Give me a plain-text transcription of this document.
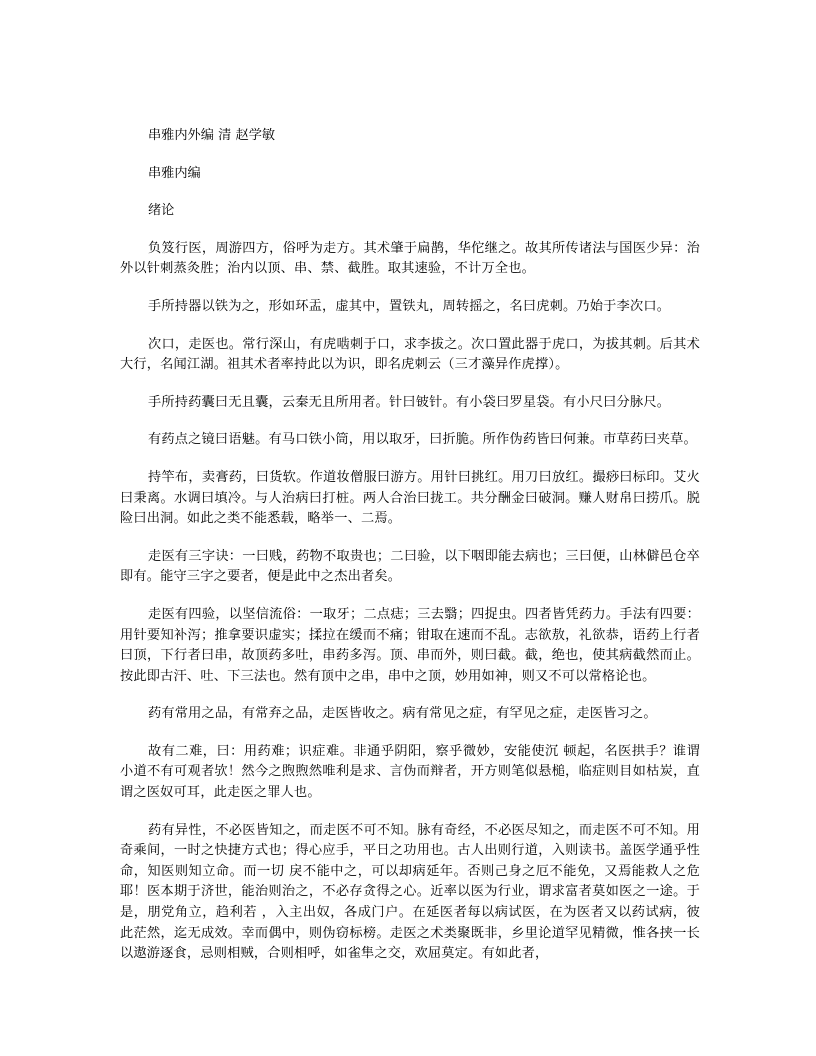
串雅内外编 清 赵学敏
串雅内编
绪论
负笈行医，周游四方，俗呼为走方。其术肇于扁鹊，华佗继之。故其所传诸法与国医少异：治外以针刺蒸灸胜；治内以顶、串、禁、截胜。取其速验，不计万全也。
手所持器以铁为之，形如环盂，虚其中，置铁丸，周转摇之，名曰虎刺。乃始于李次口。
次口，走医也。常行深山，有虎啮刺于口，求李拔之。次口置此器于虎口，为拔其刺。后其术大行，名闻江湖。祖其术者率持此以为识，即名虎刺云（三才藻异作虎撑）。
手所持药囊曰无且囊，云秦无且所用者。针曰铍针。有小袋曰罗星袋。有小尺曰分脉尺。
有药点之镜曰语魅。有马口铁小筒，用以取牙，曰折脆。所作伪药皆曰何兼。市草药曰夹草。
持竿布，卖膏药，曰货软。作道妆僧服曰游方。用针曰挑红。用刀曰放红。撮痧曰标印。艾火曰秉离。水调曰填冷。与人治病曰打桩。两人合治曰拢工。共分酬金曰破洞。赚人财帛曰捞爪。脱险曰出洞。如此之类不能悉载，略举一、二焉。
走医有三字诀：一曰贱，药物不取贵也；二曰验，以下咽即能去病也；三曰便，山林僻邑仓卒即有。能守三字之要者，便是此中之杰出者矣。
走医有四验，以坚信流俗：一取牙；二点痣；三去翳；四捉虫。四者皆凭药力。手法有四要：用针要知补泻；推拿要识虚实；揉拉在缓而不痛；钳取在速而不乱。志欲敖，礼欲恭，语药上行者曰顶，下行者曰串，故顶药多吐，串药多泻。顶、串而外，则曰截。截，绝也，使其病截然而止。按此即古汗、吐、下三法也。然有顶中之串，串中之顶，妙用如神，则又不可以常格论也。
药有常用之品，有常弃之品，走医皆收之。病有常见之症，有罕见之症，走医皆习之。
故有二难，曰：用药难；识症难。非通乎阴阳，察乎微妙，安能使沉 顿起，名医拱手？谁谓小道不有可观者欤！然今之煦煦然唯利是求、言伪而辩者，开方则笔似悬槌，临症则目如枯炭，直谓之医奴可耳，此走医之罪人也。
药有异性，不必医皆知之，而走医不可不知。脉有奇经，不必医尽知之，而走医不可不知。用奇乘间，一时之快捷方式也；得心应手，平日之功用也。古人出则行道，入则读书。盖医学通乎性命，知医则知立命。而一切 戾不能中之，可以却病延年。否则己身之厄不能免，又焉能救人之危耶！医本期于济世，能治则治之，不必存贪得之心。近率以医为行业，谓求富者莫如医之一途。于是，朋党角立，趋利若 ，入主出奴，各成门户。在延医者每以病试医，在为医者又以药试病，彼此茫然，迄无成效。幸而偶中，则伪窃标榜。走医之术类聚既非，乡里论道罕见精微，惟各挟一长以遨游逐食，忌则相贼，合则相呼，如雀隼之交，欢屈莫定。有如此者，
